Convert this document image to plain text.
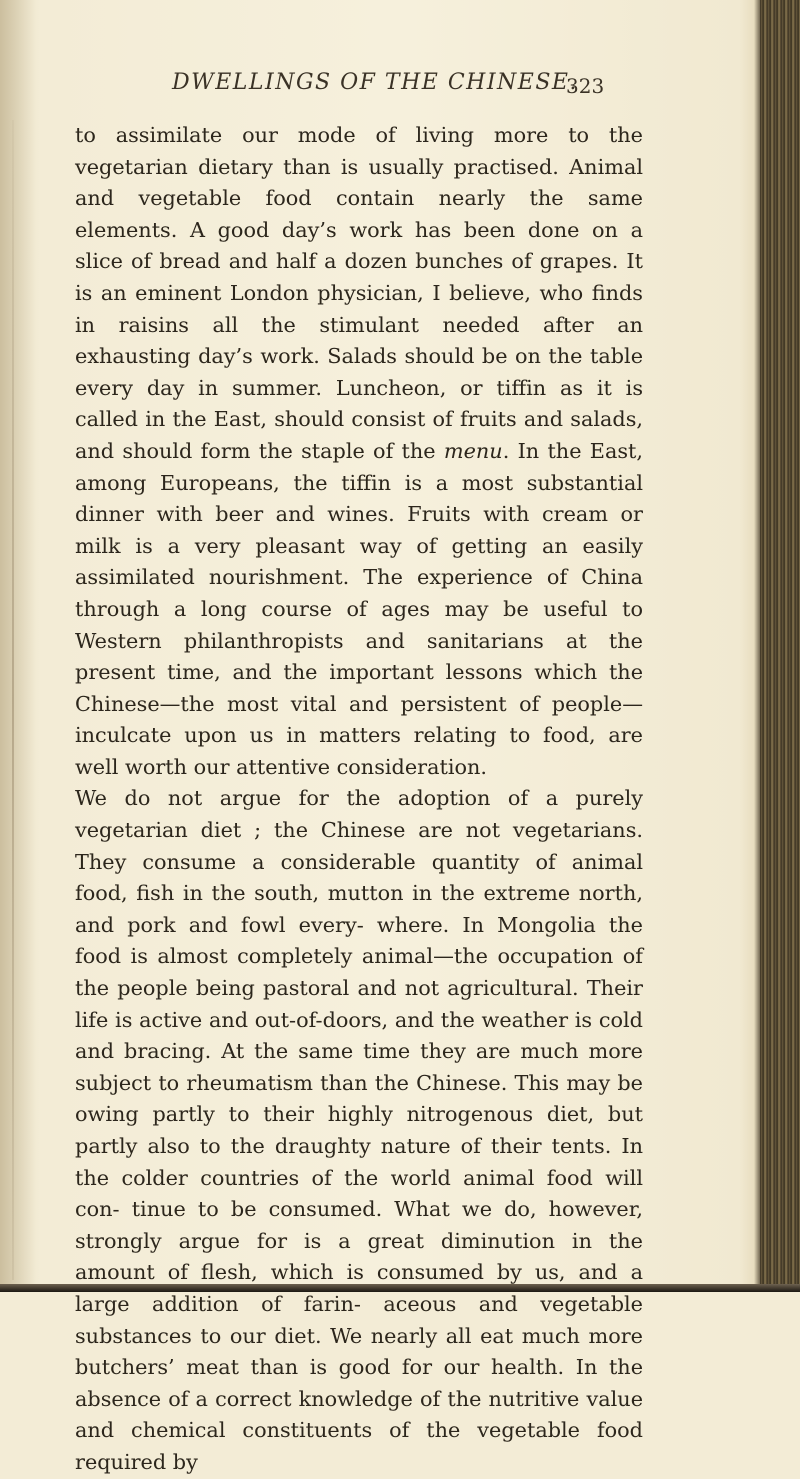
DWELLINGS OF THE CHINESE.
323

to assimilate our mode of living more to the vegetarian dietary than is usually practised. Animal and vegetable food contain nearly the same elements. A good day’s work has been done on a slice of bread and half a dozen bunches of grapes. It is an eminent London physician, I believe, who finds in raisins all the stimulant needed after an exhausting day’s work. Salads should be on the table every day in summer. Luncheon, or tiffin as it is called in the East, should consist of fruits and salads, and should form the staple of the menu. In the East, among Europeans, the tiffin is a most substantial dinner with beer and wines. Fruits with cream or milk is a very pleasant way of getting an easily assimilated nourishment. The experience of China through a long course of ages may be useful to Western philanthropists and sanitarians at the present time, and the important lessons which the Chinese—the most vital and persistent of people—inculcate upon us in matters relating to food, are well worth our attentive consideration.

We do not argue for the adoption of a purely vegetarian diet ; the Chinese are not vegetarians. They consume a considerable quantity of animal food, fish in the south, mutton in the extreme north, and pork and fowl every- where. In Mongolia the food is almost completely animal—the occupation of the people being pastoral and not agricultural. Their life is active and out-of-doors, and the weather is cold and bracing. At the same time they are much more subject to rheumatism than the Chinese. This may be owing partly to their highly nitrogenous diet, but partly also to the draughty nature of their tents. In the colder countries of the world animal food will con- tinue to be consumed. What we do, however, strongly argue for is a great diminution in the amount of flesh, which is consumed by us, and a large addition of farin- aceous and vegetable substances to our diet. We nearly all eat much more butchers’ meat than is good for our health. In the absence of a correct knowledge of the nutritive value and chemical constituents of the vegetable food required by
